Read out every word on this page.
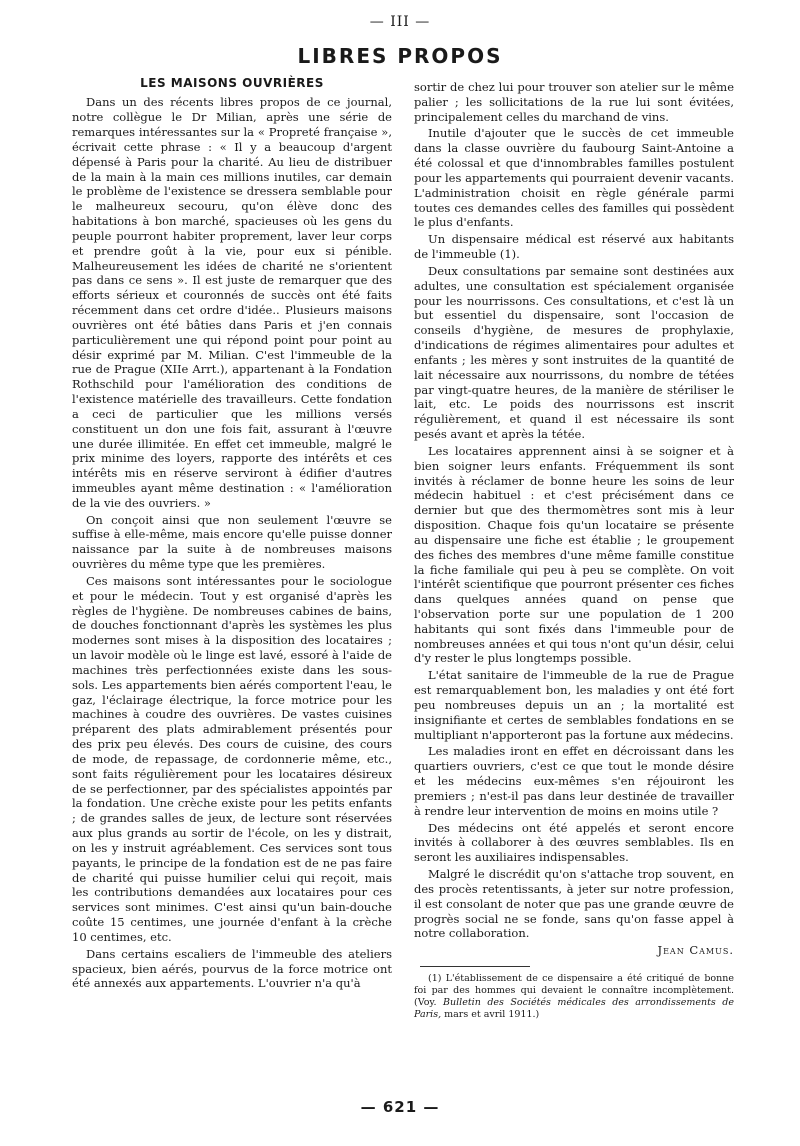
— III —
LIBRES PROPOS
LES MAISONS OUVRIÈRES

Dans un des récents libres propos de ce journal, notre collègue le Dr Milian, après une série de remarques intéressantes sur la « Propreté française », écrivait cette phrase : « Il y a beaucoup d'argent dépensé à Paris pour la charité. Au lieu de distribuer de la main à la main ces millions inutiles, car demain le problème de l'existence se dressera semblable pour le malheureux secouru, qu'on élève donc des habitations à bon marché, spacieuses où les gens du peuple pourront habiter proprement, laver leur corps et prendre goût à la vie, pour eux si pénible. Malheureusement les idées de charité ne s'orientent pas dans ce sens ». Il est juste de remarquer que des efforts sérieux et couronnés de succès ont été faits récemment dans cet ordre d'idée.. Plusieurs maisons ouvrières ont été bâties dans Paris et j'en connais particulièrement une qui répond point pour point au désir exprimé par M. Milian. C'est l'immeuble de la rue de Prague (XIIe Arrt.), appartenant à la Fondation Rothschild pour l'amélioration des conditions de l'existence matérielle des travailleurs. Cette fondation a ceci de particulier que les millions versés constituent un don une fois fait, assurant à l'œuvre une durée illimitée. En effet cet immeuble, malgré le prix minime des loyers, rapporte des intérêts et ces intérêts mis en réserve serviront à édifier d'autres immeubles ayant même destination : « l'amélioration de la vie des ouvriers. »

On conçoit ainsi que non seulement l'œuvre se suffise à elle-même, mais encore qu'elle puisse donner naissance par la suite à de nombreuses maisons ouvrières du même type que les premières.

Ces maisons sont intéressantes pour le sociologue et pour le médecin. Tout y est organisé d'après les règles de l'hygiène. De nombreuses cabines de bains, de douches fonctionnant d'après les systèmes les plus modernes sont mises à la disposition des locataires ; un lavoir modèle où le linge est lavé, essoré à l'aide de machines très perfectionnées existe dans les sous-sols. Les appartements bien aérés comportent l'eau, le gaz, l'éclairage électrique, la force motrice pour les machines à coudre des ouvrières. De vastes cuisines préparent des plats admirablement présentés pour des prix peu élevés. Des cours de cuisine, des cours de mode, de repassage, de cordonnerie même, etc., sont faits régulièrement pour les locataires désireux de se perfectionner, par des spécialistes appointés par la fondation. Une crèche existe pour les petits enfants ; de grandes salles de jeux, de lecture sont réservées aux plus grands au sortir de l'école, on les y distrait, on les y instruit agréablement. Ces services sont tous payants, le principe de la fondation est de ne pas faire de charité qui puisse humilier celui qui reçoit, mais les contributions demandées aux locataires pour ces services sont minimes. C'est ainsi qu'un bain-douche coûte 15 centimes, une journée d'enfant à la crèche 10 centimes, etc.

Dans certains escaliers de l'immeuble des ateliers spacieux, bien aérés, pourvus de la force motrice ont été annexés aux appartements. L'ouvrier n'a qu'à

sortir de chez lui pour trouver son atelier sur le même palier ; les sollicitations de la rue lui sont évitées, principalement celles du marchand de vins.

Inutile d'ajouter que le succès de cet immeuble dans la classe ouvrière du faubourg Saint-Antoine a été colossal et que d'innombrables familles postulent pour les appartements qui pourraient devenir vacants. L'administration choisit en règle générale parmi toutes ces demandes celles des familles qui possèdent le plus d'enfants.

Un dispensaire médical est réservé aux habitants de l'immeuble (1).

Deux consultations par semaine sont destinées aux adultes, une consultation est spécialement organisée pour les nourrissons. Ces consultations, et c'est là un but essentiel du dispensaire, sont l'occasion de conseils d'hygiène, de mesures de prophylaxie, d'indications de régimes alimentaires pour adultes et enfants ; les mères y sont instruites de la quantité de lait nécessaire aux nourrissons, du nombre de tétées par vingt-quatre heures, de la manière de stériliser le lait, etc. Le poids des nourrissons est inscrit régulièrement, et quand il est nécessaire ils sont pesés avant et après la tétée.

Les locataires apprennent ainsi à se soigner et à bien soigner leurs enfants. Fréquemment ils sont invités à réclamer de bonne heure les soins de leur médecin habituel : et c'est précisément dans ce dernier but que des thermomètres sont mis à leur disposition. Chaque fois qu'un locataire se présente au dispensaire une fiche est établie ; le groupement des fiches des membres d'une même famille constitue la fiche familiale qui peu à peu se complète. On voit l'intérêt scientifique que pourront présenter ces fiches dans quelques années quand on pense que l'observation porte sur une population de 1 200 habitants qui sont fixés dans l'immeuble pour de nombreuses années et qui tous n'ont qu'un désir, celui d'y rester le plus longtemps possible.

L'état sanitaire de l'immeuble de la rue de Prague est remarquablement bon, les maladies y ont été fort peu nombreuses depuis un an ; la mortalité est insignifiante et certes de semblables fondations en se multipliant n'apporteront pas la fortune aux médecins.

Les maladies iront en effet en décroissant dans les quartiers ouvriers, c'est ce que tout le monde désire et les médecins eux-mêmes s'en réjouiront les premiers ; n'est-il pas dans leur destinée de travailler à rendre leur intervention de moins en moins utile ?

Des médecins ont été appelés et seront encore invités à collaborer à des œuvres semblables. Ils en seront les auxiliaires indispensables.

Malgré le discrédit qu'on s'attache trop souvent, en des procès retentissants, à jeter sur notre profession, il est consolant de noter que pas une grande œuvre de progrès social ne se fonde, sans qu'on fasse appel à notre collaboration.

Jean Camus.

(1) L'établissement de ce dispensaire a été critiqué de bonne foi par des hommes qui devaient le connaître incomplètement. (Voy. Bulletin des Sociétés médicales des arrondissements de Paris, mars et avril 1911.)

— 621 —
